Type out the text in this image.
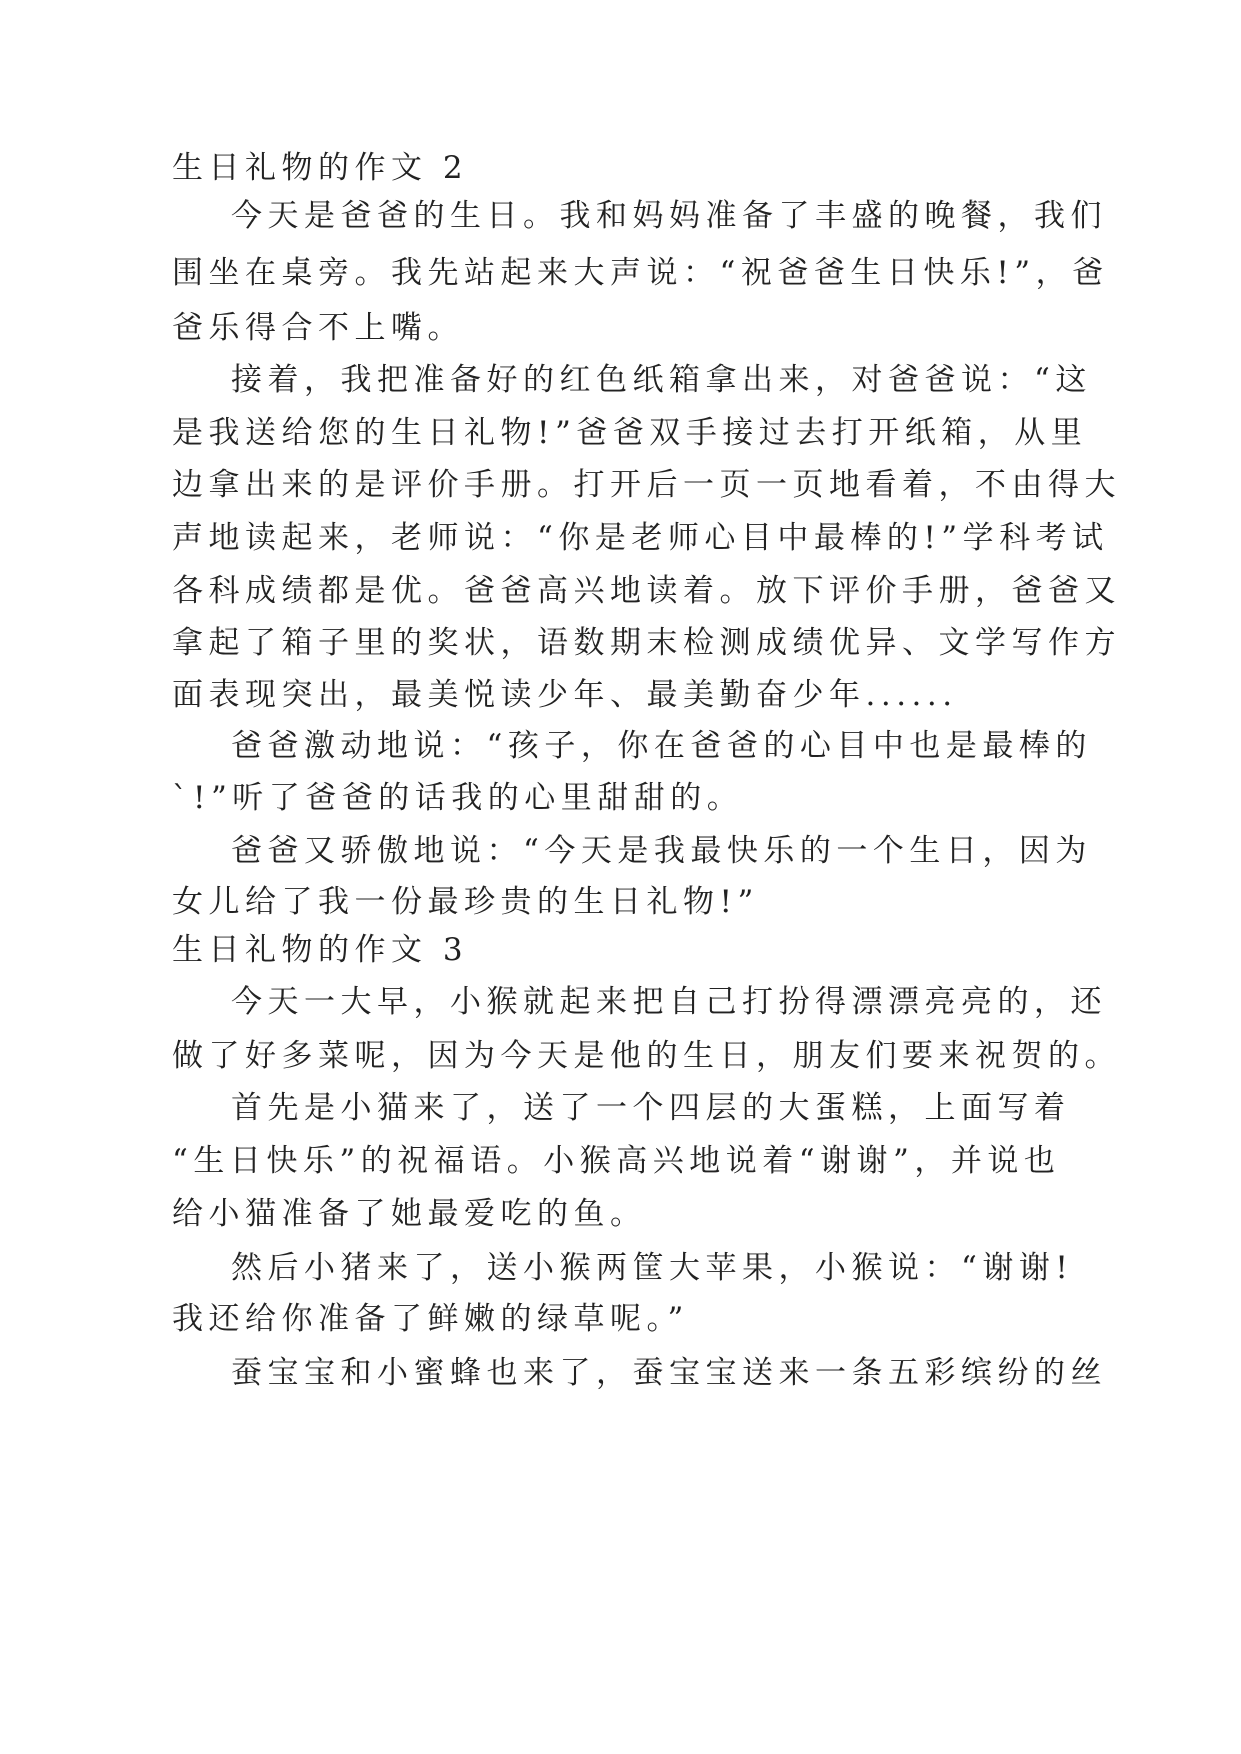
生日礼物的作文 2
今天是爸爸的生日。我和妈妈准备了丰盛的晚餐，我们
围坐在桌旁。我先站起来大声说：“祝爸爸生日快乐!”，爸
爸乐得合不上嘴。
接着，我把准备好的红色纸箱拿出来，对爸爸说：“这
是我送给您的生日礼物!”爸爸双手接过去打开纸箱，从里
边拿出来的是评价手册。打开后一页一页地看着，不由得大
声地读起来，老师说：“你是老师心目中最棒的!”学科考试
各科成绩都是优。爸爸高兴地读着。放下评价手册，爸爸又
拿起了箱子里的奖状，语数期末检测成绩优异、文学写作方
面表现突出，最美悦读少年、最美勤奋少年......
爸爸激动地说：“孩子，你在爸爸的心目中也是最棒的
`!”听了爸爸的话我的心里甜甜的。
爸爸又骄傲地说：“今天是我最快乐的一个生日，因为
女儿给了我一份最珍贵的生日礼物!”
生日礼物的作文 3
今天一大早，小猴就起来把自己打扮得漂漂亮亮的，还
做了好多菜呢，因为今天是他的生日，朋友们要来祝贺的。
首先是小猫来了，送了一个四层的大蛋糕，上面写着
“生日快乐”的祝福语。小猴高兴地说着“谢谢”，并说也
给小猫准备了她最爱吃的鱼。
然后小猪来了，送小猴两筐大苹果，小猴说：“谢谢!
我还给你准备了鲜嫩的绿草呢。”
蚕宝宝和小蜜蜂也来了，蚕宝宝送来一条五彩缤纷的丝
